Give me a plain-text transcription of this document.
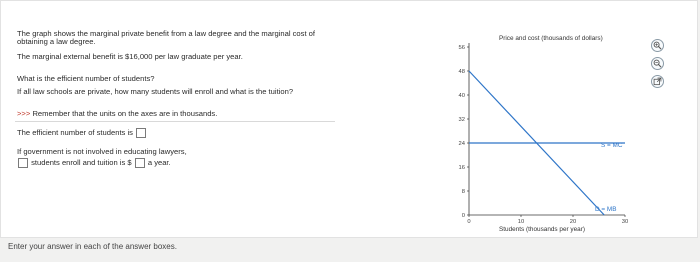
The graph shows the marginal private benefit from a law degree and the marginal cost of
obtaining a law degree.
The marginal external benefit is $16,000 per law graduate per year.
What is the efficient number of students?
If all law schools are private, how many students will enroll and what is the tuition?
>>> Remember that the units on the axes are in thousands.
The efficient number of students is
If government is not involved in educating lawyers,
students enroll and tuition is $ a year.
Price and cost (thousands of dollars)
56
48
40
32
24
16
8
0
0	10	20	30
S = MC
D = MB
Students (thousands per year)
Enter your answer in each of the answer boxes.
